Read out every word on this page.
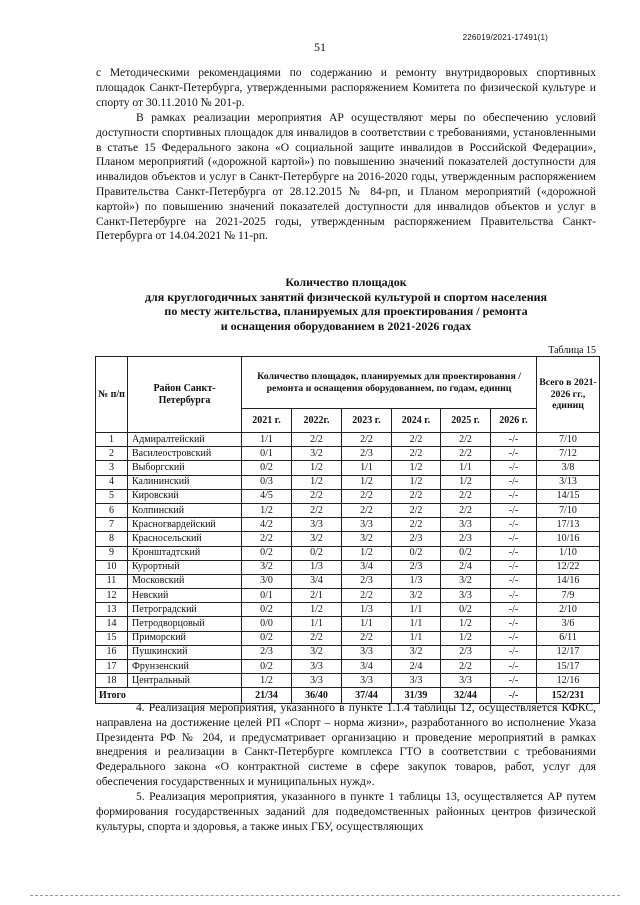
51
226019/2021-17491(1)
с Методическими рекомендациями по содержанию и ремонту внутридворовых спортивных площадок Санкт-Петербурга, утвержденными распоряжением Комитета по физической культуре и спорту от 30.11.2010 № 201-р.
В рамках реализации мероприятия АР осуществляют меры по обеспечению условий доступности спортивных площадок для инвалидов в соответствии с требованиями, установленными в статье 15 Федерального закона «О социальной защите инвалидов в Российской Федерации», Планом мероприятий («дорожной картой») по повышению значений показателей доступности для инвалидов объектов и услуг в Санкт-Петербурге на 2016-2020 годы, утвержденным распоряжением Правительства Санкт-Петербурга от 28.12.2015 № 84-рп, и Планом мероприятий («дорожной картой») по повышению значений показателей доступности для инвалидов объектов и услуг в Санкт-Петербурге на 2021-2025 годы, утвержденным распоряжением Правительства Санкт-Петербурга от 14.04.2021 № 11-рп.
Количество площадок
для круглогодичных занятий физической культурой и спортом населения
по месту жительства, планируемых для проектирования / ремонта
и оснащения оборудованием в 2021-2026 годах
Таблица 15
№ п/п	Район Санкт-Петербурга	Количество площадок, планируемых для проектирования / ремонта и оснащения оборудованием, по годам, единиц						Всего в 2021-2026 гг., единиц
		2021 г.	2022г.	2023 г.	2024 г.	2025 г.	2026 г.	
1	Адмиралтейский	1/1	2/2	2/2	2/2	2/2	-/-	7/10
2	Василеостровский	0/1	3/2	2/3	2/2	2/2	-/-	7/12
3	Выборгский	0/2	1/2	1/1	1/2	1/1	-/-	3/8
4	Калининский	0/3	1/2	1/2	1/2	1/2	-/-	3/13
5	Кировский	4/5	2/2	2/2	2/2	2/2	-/-	14/15
6	Колпинский	1/2	2/2	2/2	2/2	2/2	-/-	7/10
7	Красногвардейский	4/2	3/3	3/3	2/2	3/3	-/-	17/13
8	Красносельский	2/2	3/2	3/2	2/3	2/3	-/-	10/16
9	Кронштадтский	0/2	0/2	1/2	0/2	0/2	-/-	1/10
10	Курортный	3/2	1/3	3/4	2/3	2/4	-/-	12/22
11	Московский	3/0	3/4	2/3	1/3	3/2	-/-	14/16
12	Невский	0/1	2/1	2/2	3/2	3/3	-/-	7/9
13	Петроградский	0/2	1/2	1/3	1/1	0/2	-/-	2/10
14	Петродворцовый	0/0	1/1	1/1	1/1	1/2	-/-	3/6
15	Приморский	0/2	2/2	2/2	1/1	1/2	-/-	6/11
16	Пушкинский	2/3	3/2	3/3	3/2	2/3	-/-	12/17
17	Фрунзенский	0/2	3/3	3/4	2/4	2/2	-/-	15/17
18	Центральный	1/2	3/3	3/3	3/3	3/3	-/-	12/16
Итого		21/34	36/40	37/44	31/39	32/44	-/-	152/231
4. Реализация мероприятия, указанного в пункте 1.1.4 таблицы 12, осуществляется КФКС, направлена на достижение целей РП «Спорт – норма жизни», разработанного во исполнение Указа Президента РФ № 204, и предусматривает организацию и проведение мероприятий в рамках внедрения и реализации в Санкт-Петербурге комплекса ГТО в соответствии с требованиями Федерального закона «О контрактной системе в сфере закупок товаров, работ, услуг для обеспечения государственных и муниципальных нужд».
5. Реализация мероприятия, указанного в пункте 1 таблицы 13, осуществляется АР путем формирования государственных заданий для подведомственных районных центров физической культуры, спорта и здоровья, а также иных ГБУ, осуществляющих
